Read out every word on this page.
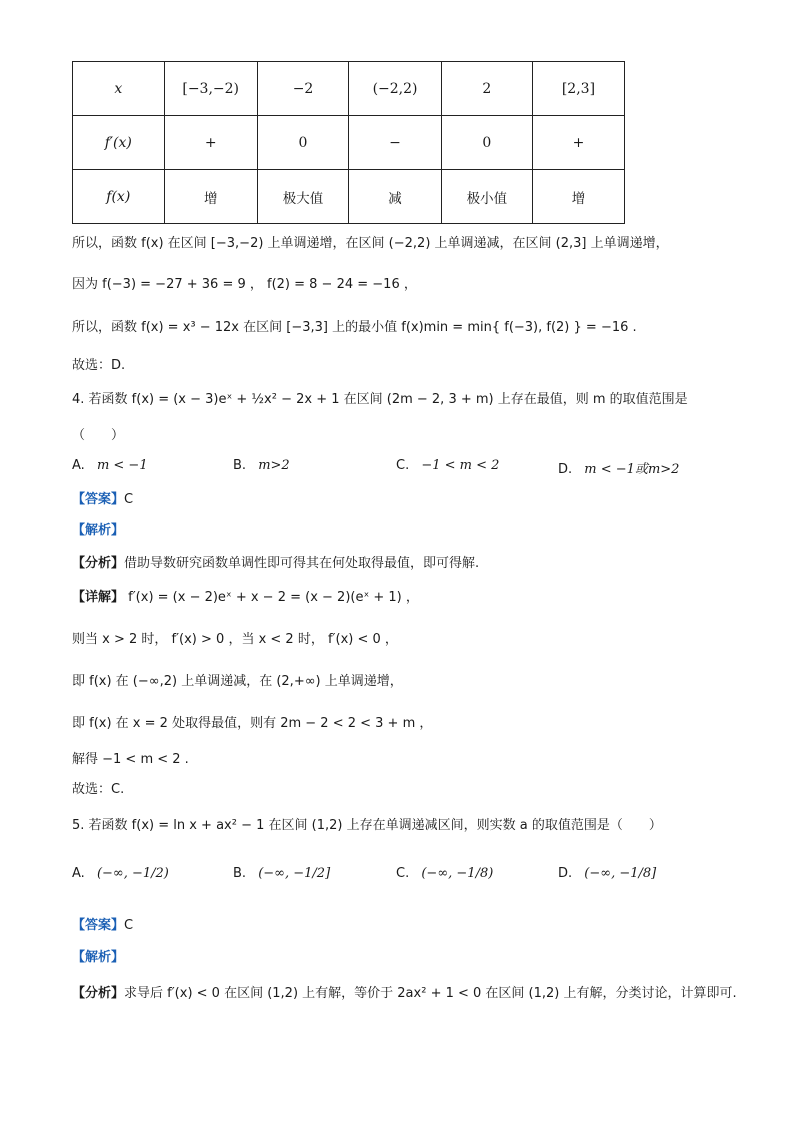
x	[−3,−2)	−2	(−2,2)	2	[2,3]
f′(x)	+	0	−	0	+
f(x)	增	极大值	减	极小值	增
所以，函数 f(x) 在区间 [−3,−2) 上单调递增，在区间 (−2,2) 上单调递减，在区间 (2,3] 上单调递增，
因为 f(−3) = −27 + 36 = 9 ， f(2) = 8 − 24 = −16 ，
所以，函数 f(x) = x³ − 12x 在区间 [−3,3] 上的最小值 f(x)min = min{ f(−3), f(2) } = −16 .
故选：D.
4. 若函数 f(x) = (x − 3)eˣ + ½x² − 2x + 1 在区间 (2m − 2, 3 + m) 上存在最值，则 m 的取值范围是
（　　）
A. m < −1	B. m>2	C. −1 < m < 2	D. m < −1或m>2
【答案】C
【解析】
【分析】借助导数研究函数单调性即可得其在何处取得最值，即可得解.
【详解】 f′(x) = (x − 2)eˣ + x − 2 = (x − 2)(eˣ + 1) ，
则当 x > 2 时， f′(x) > 0 ，当 x < 2 时， f′(x) < 0 ，
即 f(x) 在 (−∞,2) 上单调递减，在 (2,+∞) 上单调递增，
即 f(x) 在 x = 2 处取得最值，则有 2m − 2 < 2 < 3 + m ，
解得 −1 < m < 2 .
故选：C.
5. 若函数 f(x) = ln x + ax² − 1 在区间 (1,2) 上存在单调递减区间，则实数 a 的取值范围是（　　）
A. (−∞, −1/2)	B. (−∞, −1/2]	C. (−∞, −1/8)	D. (−∞, −1/8]
【答案】C
【解析】
【分析】求导后 f′(x) < 0 在区间 (1,2) 上有解，等价于 2ax² + 1 < 0 在区间 (1,2) 上有解，分类讨论，计算即可.
